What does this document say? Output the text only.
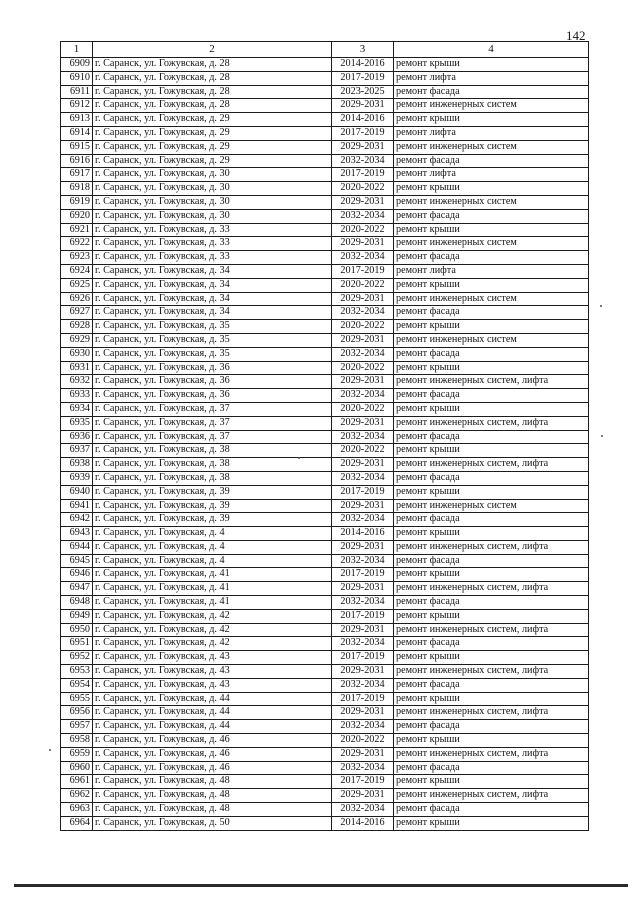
142
1	2	3	4
6909	г. Саранск, ул. Гожувская, д. 28	2014-2016	ремонт крыши
6910	г. Саранск, ул. Гожувская, д. 28	2017-2019	ремонт лифта
6911	г. Саранск, ул. Гожувская, д. 28	2023-2025	ремонт фасада
6912	г. Саранск, ул. Гожувская, д. 28	2029-2031	ремонт инженерных систем
6913	г. Саранск, ул. Гожувская, д. 29	2014-2016	ремонт крыши
6914	г. Саранск, ул. Гожувская, д. 29	2017-2019	ремонт лифта
6915	г. Саранск, ул. Гожувская, д. 29	2029-2031	ремонт инженерных систем
6916	г. Саранск, ул. Гожувская, д. 29	2032-2034	ремонт фасада
6917	г. Саранск, ул. Гожувская, д. 30	2017-2019	ремонт лифта
6918	г. Саранск, ул. Гожувская, д. 30	2020-2022	ремонт крыши
6919	г. Саранск, ул. Гожувская, д. 30	2029-2031	ремонт инженерных систем
6920	г. Саранск, ул. Гожувская, д. 30	2032-2034	ремонт фасада
6921	г. Саранск, ул. Гожувская, д. 33	2020-2022	ремонт крыши
6922	г. Саранск, ул. Гожувская, д. 33	2029-2031	ремонт инженерных систем
6923	г. Саранск, ул. Гожувская, д. 33	2032-2034	ремонт фасада
6924	г. Саранск, ул. Гожувская, д. 34	2017-2019	ремонт лифта
6925	г. Саранск, ул. Гожувская, д. 34	2020-2022	ремонт крыши
6926	г. Саранск, ул. Гожувская, д. 34	2029-2031	ремонт инженерных систем
6927	г. Саранск, ул. Гожувская, д. 34	2032-2034	ремонт фасада
6928	г. Саранск, ул. Гожувская, д. 35	2020-2022	ремонт крыши
6929	г. Саранск, ул. Гожувская, д. 35	2029-2031	ремонт инженерных систем
6930	г. Саранск, ул. Гожувская, д. 35	2032-2034	ремонт фасада
6931	г. Саранск, ул. Гожувская, д. 36	2020-2022	ремонт крыши
6932	г. Саранск, ул. Гожувская, д. 36	2029-2031	ремонт инженерных систем, лифта
6933	г. Саранск, ул. Гожувская, д. 36	2032-2034	ремонт фасада
6934	г. Саранск, ул. Гожувская, д. 37	2020-2022	ремонт крыши
6935	г. Саранск, ул. Гожувская, д. 37	2029-2031	ремонт инженерных систем, лифта
6936	г. Саранск, ул. Гожувская, д. 37	2032-2034	ремонт фасада
6937	г. Саранск, ул. Гожувская, д. 38	2020-2022	ремонт крыши
6938	г. Саранск, ул. Гожувская, д. 38	2029-2031	ремонт инженерных систем, лифта
6939	г. Саранск, ул. Гожувская, д. 38	2032-2034	ремонт фасада
6940	г. Саранск, ул. Гожувская, д. 39	2017-2019	ремонт крыши
6941	г. Саранск, ул. Гожувская, д. 39	2029-2031	ремонт инженерных систем
6942	г. Саранск, ул. Гожувская, д. 39	2032-2034	ремонт фасада
6943	г. Саранск, ул. Гожувская, д. 4	2014-2016	ремонт крыши
6944	г. Саранск, ул. Гожувская, д. 4	2029-2031	ремонт инженерных систем, лифта
6945	г. Саранск, ул. Гожувская, д. 4	2032-2034	ремонт фасада
6946	г. Саранск, ул. Гожувская, д. 41	2017-2019	ремонт крыши
6947	г. Саранск, ул. Гожувская, д. 41	2029-2031	ремонт инженерных систем, лифта
6948	г. Саранск, ул. Гожувская, д. 41	2032-2034	ремонт фасада
6949	г. Саранск, ул. Гожувская, д. 42	2017-2019	ремонт крыши
6950	г. Саранск, ул. Гожувская, д. 42	2029-2031	ремонт инженерных систем, лифта
6951	г. Саранск, ул. Гожувская, д. 42	2032-2034	ремонт фасада
6952	г. Саранск, ул. Гожувская, д. 43	2017-2019	ремонт крыши
6953	г. Саранск, ул. Гожувская, д. 43	2029-2031	ремонт инженерных систем, лифта
6954	г. Саранск, ул. Гожувская, д. 43	2032-2034	ремонт фасада
6955	г. Саранск, ул. Гожувская, д. 44	2017-2019	ремонт крыши
6956	г. Саранск, ул. Гожувская, д. 44	2029-2031	ремонт инженерных систем, лифта
6957	г. Саранск, ул. Гожувская, д. 44	2032-2034	ремонт фасада
6958	г. Саранск, ул. Гожувская, д. 46	2020-2022	ремонт крыши
6959	г. Саранск, ул. Гожувская, д. 46	2029-2031	ремонт инженерных систем, лифта
6960	г. Саранск, ул. Гожувская, д. 46	2032-2034	ремонт фасада
6961	г. Саранск, ул. Гожувская, д. 48	2017-2019	ремонт крыши
6962	г. Саранск, ул. Гожувская, д. 48	2029-2031	ремонт инженерных систем, лифта
6963	г. Саранск, ул. Гожувская, д. 48	2032-2034	ремонт фасада
6964	г. Саранск, ул. Гожувская, д. 50	2014-2016	ремонт крыши
